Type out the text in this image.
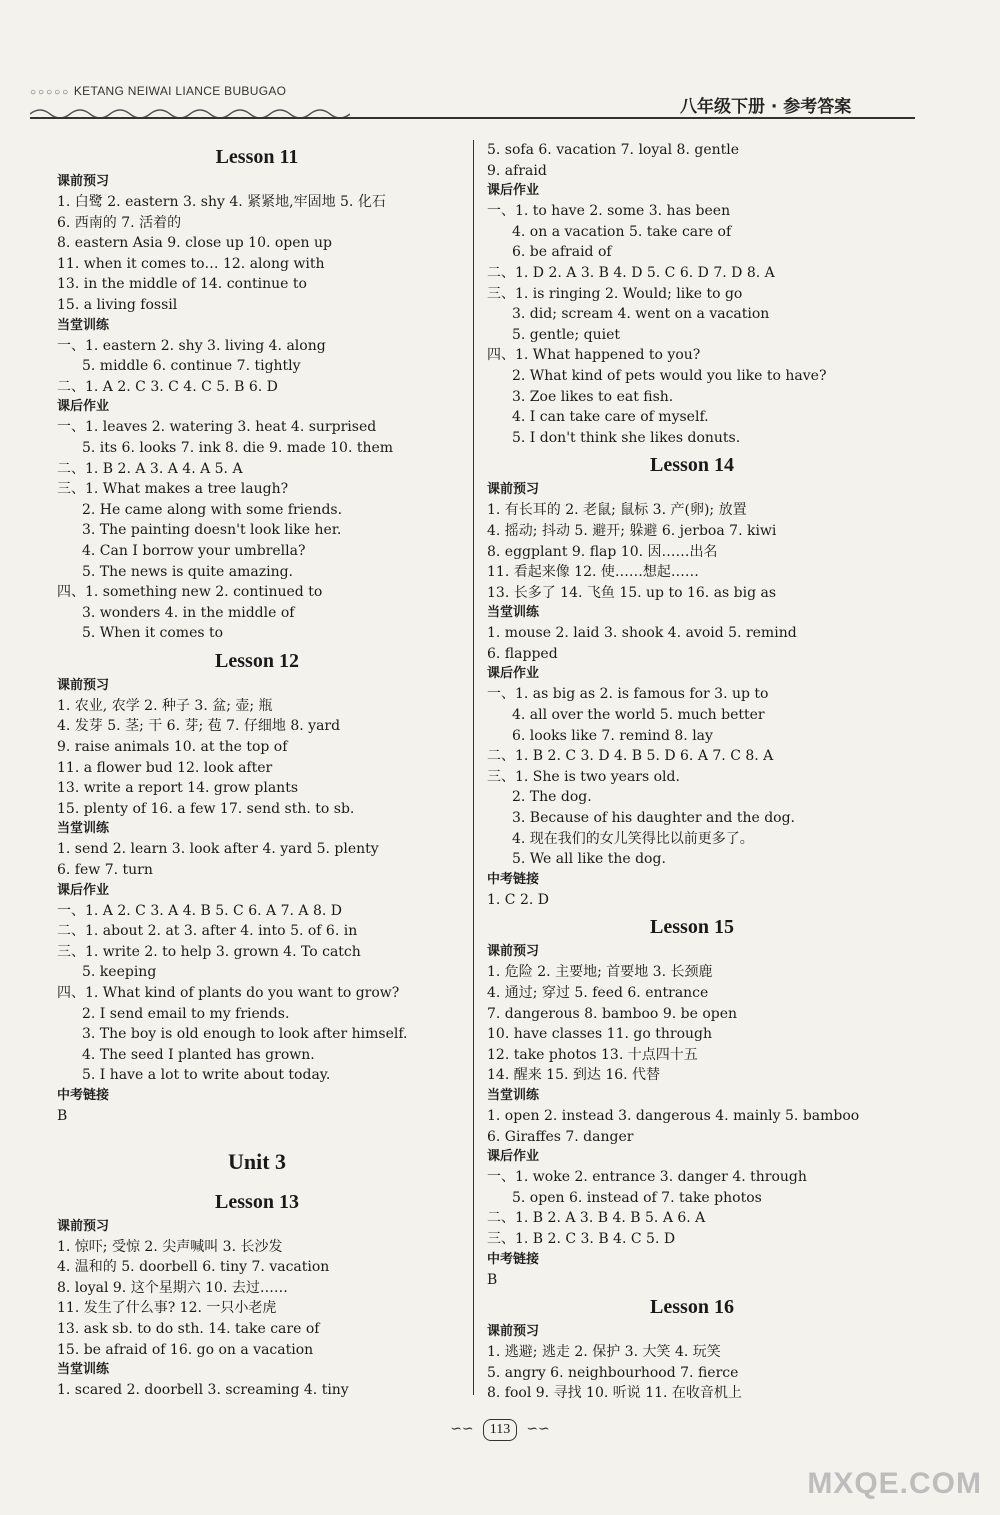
○○○○○ KETANG NEIWAI LIANCE BUBUGAO
八年级下册 · 参考答案
Lesson 11
课前预习
1. 白鹭 2. eastern 3. shy 4. 紧紧地,牢固地 5. 化石
6. 西南的 7. 活着的
8. eastern Asia 9. close up 10. open up
11. when it comes to… 12. along with
13. in the middle of 14. continue to
15. a living fossil
当堂训练
一、1. eastern 2. shy 3. living 4. along
5. middle 6. continue 7. tightly
二、1. A 2. C 3. C 4. C 5. B 6. D
课后作业
一、1. leaves 2. watering 3. heat 4. surprised
5. its 6. looks 7. ink 8. die 9. made 10. them
二、1. B 2. A 3. A 4. A 5. A
三、1. What makes a tree laugh?
2. He came along with some friends.
3. The painting doesn't look like her.
4. Can I borrow your umbrella?
5. The news is quite amazing.
四、1. something new 2. continued to
3. wonders 4. in the middle of
5. When it comes to
Lesson 12
课前预习
1. 农业, 农学 2. 种子 3. 盆; 壶; 瓶
4. 发芽 5. 茎; 干 6. 芽; 苞 7. 仔细地 8. yard
9. raise animals 10. at the top of
11. a flower bud 12. look after
13. write a report 14. grow plants
15. plenty of 16. a few 17. send sth. to sb.
当堂训练
1. send 2. learn 3. look after 4. yard 5. plenty
6. few 7. turn
课后作业
一、1. A 2. C 3. A 4. B 5. C 6. A 7. A 8. D
二、1. about 2. at 3. after 4. into 5. of 6. in
三、1. write 2. to help 3. grown 4. To catch
5. keeping
四、1. What kind of plants do you want to grow?
2. I send email to my friends.
3. The boy is old enough to look after himself.
4. The seed I planted has grown.
5. I have a lot to write about today.
中考链接
B
Unit 3
Lesson 13
课前预习
1. 惊吓; 受惊 2. 尖声喊叫 3. 长沙发
4. 温和的 5. doorbell 6. tiny 7. vacation
8. loyal 9. 这个星期六 10. 去过……
11. 发生了什么事? 12. 一只小老虎
13. ask sb. to do sth. 14. take care of
15. be afraid of 16. go on a vacation
当堂训练
1. scared 2. doorbell 3. screaming 4. tiny
5. sofa 6. vacation 7. loyal 8. gentle
9. afraid
课后作业
一、1. to have 2. some 3. has been
4. on a vacation 5. take care of
6. be afraid of
二、1. D 2. A 3. B 4. D 5. C 6. D 7. D 8. A
三、1. is ringing 2. Would; like to go
3. did; scream 4. went on a vacation
5. gentle; quiet
四、1. What happened to you?
2. What kind of pets would you like to have?
3. Zoe likes to eat fish.
4. I can take care of myself.
5. I don't think she likes donuts.
Lesson 14
课前预习
1. 有长耳的 2. 老鼠; 鼠标 3. 产(卵); 放置
4. 摇动; 抖动 5. 避开; 躲避 6. jerboa 7. kiwi
8. eggplant 9. flap 10. 因……出名
11. 看起来像 12. 使……想起……
13. 长多了 14. 飞鱼 15. up to 16. as big as
当堂训练
1. mouse 2. laid 3. shook 4. avoid 5. remind
6. flapped
课后作业
一、1. as big as 2. is famous for 3. up to
4. all over the world 5. much better
6. looks like 7. remind 8. lay
二、1. B 2. C 3. D 4. B 5. D 6. A 7. C 8. A
三、1. She is two years old.
2. The dog.
3. Because of his daughter and the dog.
4. 现在我们的女儿笑得比以前更多了。
5. We all like the dog.
中考链接
1. C 2. D
Lesson 15
课前预习
1. 危险 2. 主要地; 首要地 3. 长颈鹿
4. 通过; 穿过 5. feed 6. entrance
7. dangerous 8. bamboo 9. be open
10. have classes 11. go through
12. take photos 13. 十点四十五
14. 醒来 15. 到达 16. 代替
当堂训练
1. open 2. instead 3. dangerous 4. mainly 5. bamboo
6. Giraffes 7. danger
课后作业
一、1. woke 2. entrance 3. danger 4. through
5. open 6. instead of 7. take photos
二、1. B 2. A 3. B 4. B 5. A 6. A
三、1. B 2. C 3. B 4. C 5. D
中考链接
B
Lesson 16
课前预习
1. 逃避; 逃走 2. 保护 3. 大笑 4. 玩笑
5. angry 6. neighbourhood 7. fierce
8. fool 9. 寻找 10. 听说 11. 在收音机上
∽∽ 113 ∽∽
MXQE.COM
